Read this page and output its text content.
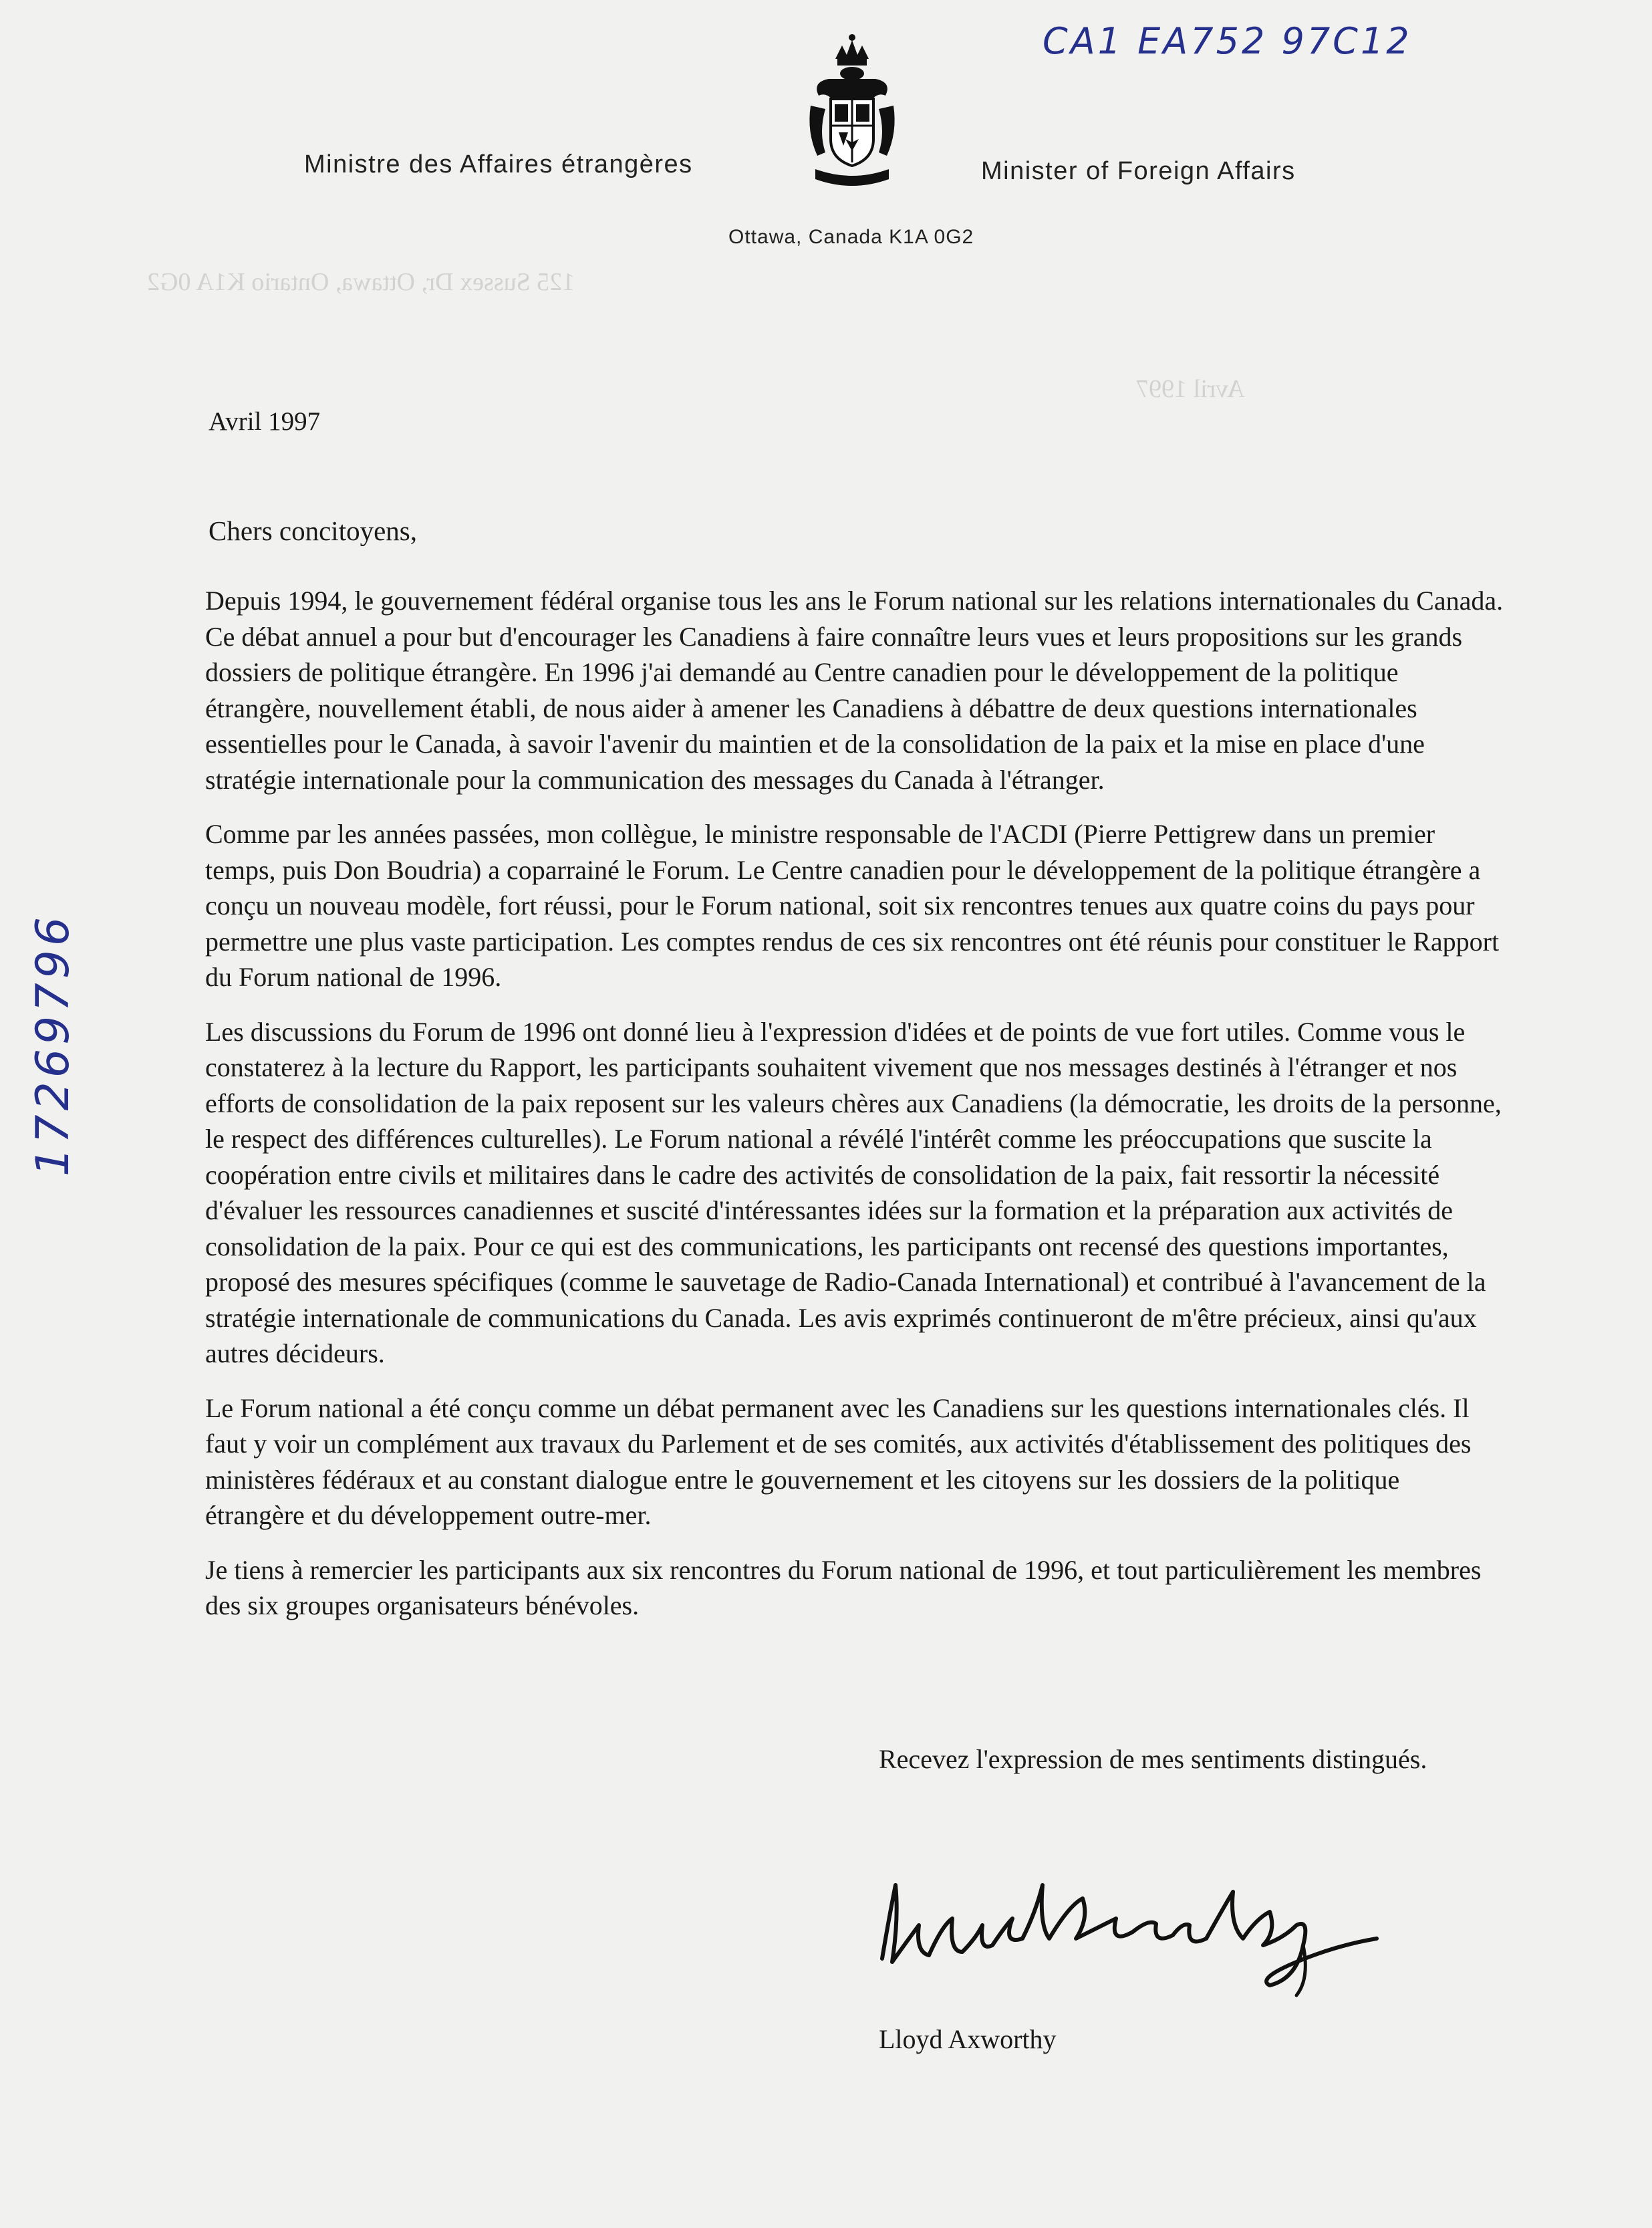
Avril 1997
125 Sussex Dr, Ottawa, Ontario K1A 0G2
CA1 EA752 97C12
17269796
Ministre des Affaires étrangères	Minister of Foreign Affairs
Ottawa, Canada K1A 0G2
Avril 1997
Chers concitoyens,

Depuis 1994, le gouvernement fédéral organise tous les ans le Forum national sur les relations internationales du Canada. Ce débat annuel a pour but d'encourager les Canadiens à faire connaître leurs vues et leurs propositions sur les grands dossiers de politique étrangère. En 1996 j'ai demandé au Centre canadien pour le développement de la politique étrangère, nouvellement établi, de nous aider à amener les Canadiens à débattre de deux questions internationales essentielles pour le Canada, à savoir l'avenir du maintien et de la consolidation de la paix et la mise en place d'une stratégie internationale pour la communication des messages du Canada à l'étranger.

Comme par les années passées, mon collègue, le ministre responsable de l'ACDI (Pierre Pettigrew dans un premier temps, puis Don Boudria) a coparrainé le Forum. Le Centre canadien pour le développement de la politique étrangère a conçu un nouveau modèle, fort réussi, pour le Forum national, soit six rencontres tenues aux quatre coins du pays pour permettre une plus vaste participation. Les comptes rendus de ces six rencontres ont été réunis pour constituer le Rapport du Forum national de 1996.

Les discussions du Forum de 1996 ont donné lieu à l'expression d'idées et de points de vue fort utiles. Comme vous le constaterez à la lecture du Rapport, les participants souhaitent vivement que nos messages destinés à l'étranger et nos efforts de consolidation de la paix reposent sur les valeurs chères aux Canadiens (la démocratie, les droits de la personne, le respect des différences culturelles). Le Forum national a révélé l'intérêt comme les préoccupations que suscite la coopération entre civils et militaires dans le cadre des activités de consolidation de la paix, fait ressortir la nécessité d'évaluer les ressources canadiennes et suscité d'intéressantes idées sur la formation et la préparation aux activités de consolidation de la paix. Pour ce qui est des communications, les participants ont recensé des questions importantes, proposé des mesures spécifiques (comme le sauvetage de Radio-Canada International) et contribué à l'avancement de la stratégie internationale de communications du Canada. Les avis exprimés continueront de m'être précieux, ainsi qu'aux autres décideurs.

Le Forum national a été conçu comme un débat permanent avec les Canadiens sur les questions internationales clés. Il faut y voir un complément aux travaux du Parlement et de ses comités, aux activités d'établissement des politiques des ministères fédéraux et au constant dialogue entre le gouvernement et les citoyens sur les dossiers de la politique étrangère et du développement outre-mer.

Je tiens à remercier les participants aux six rencontres du Forum national de 1996, et tout particulièrement les membres des six groupes organisateurs bénévoles.

Recevez l'expression de mes sentiments distingués.
Lloyd Axworthy
